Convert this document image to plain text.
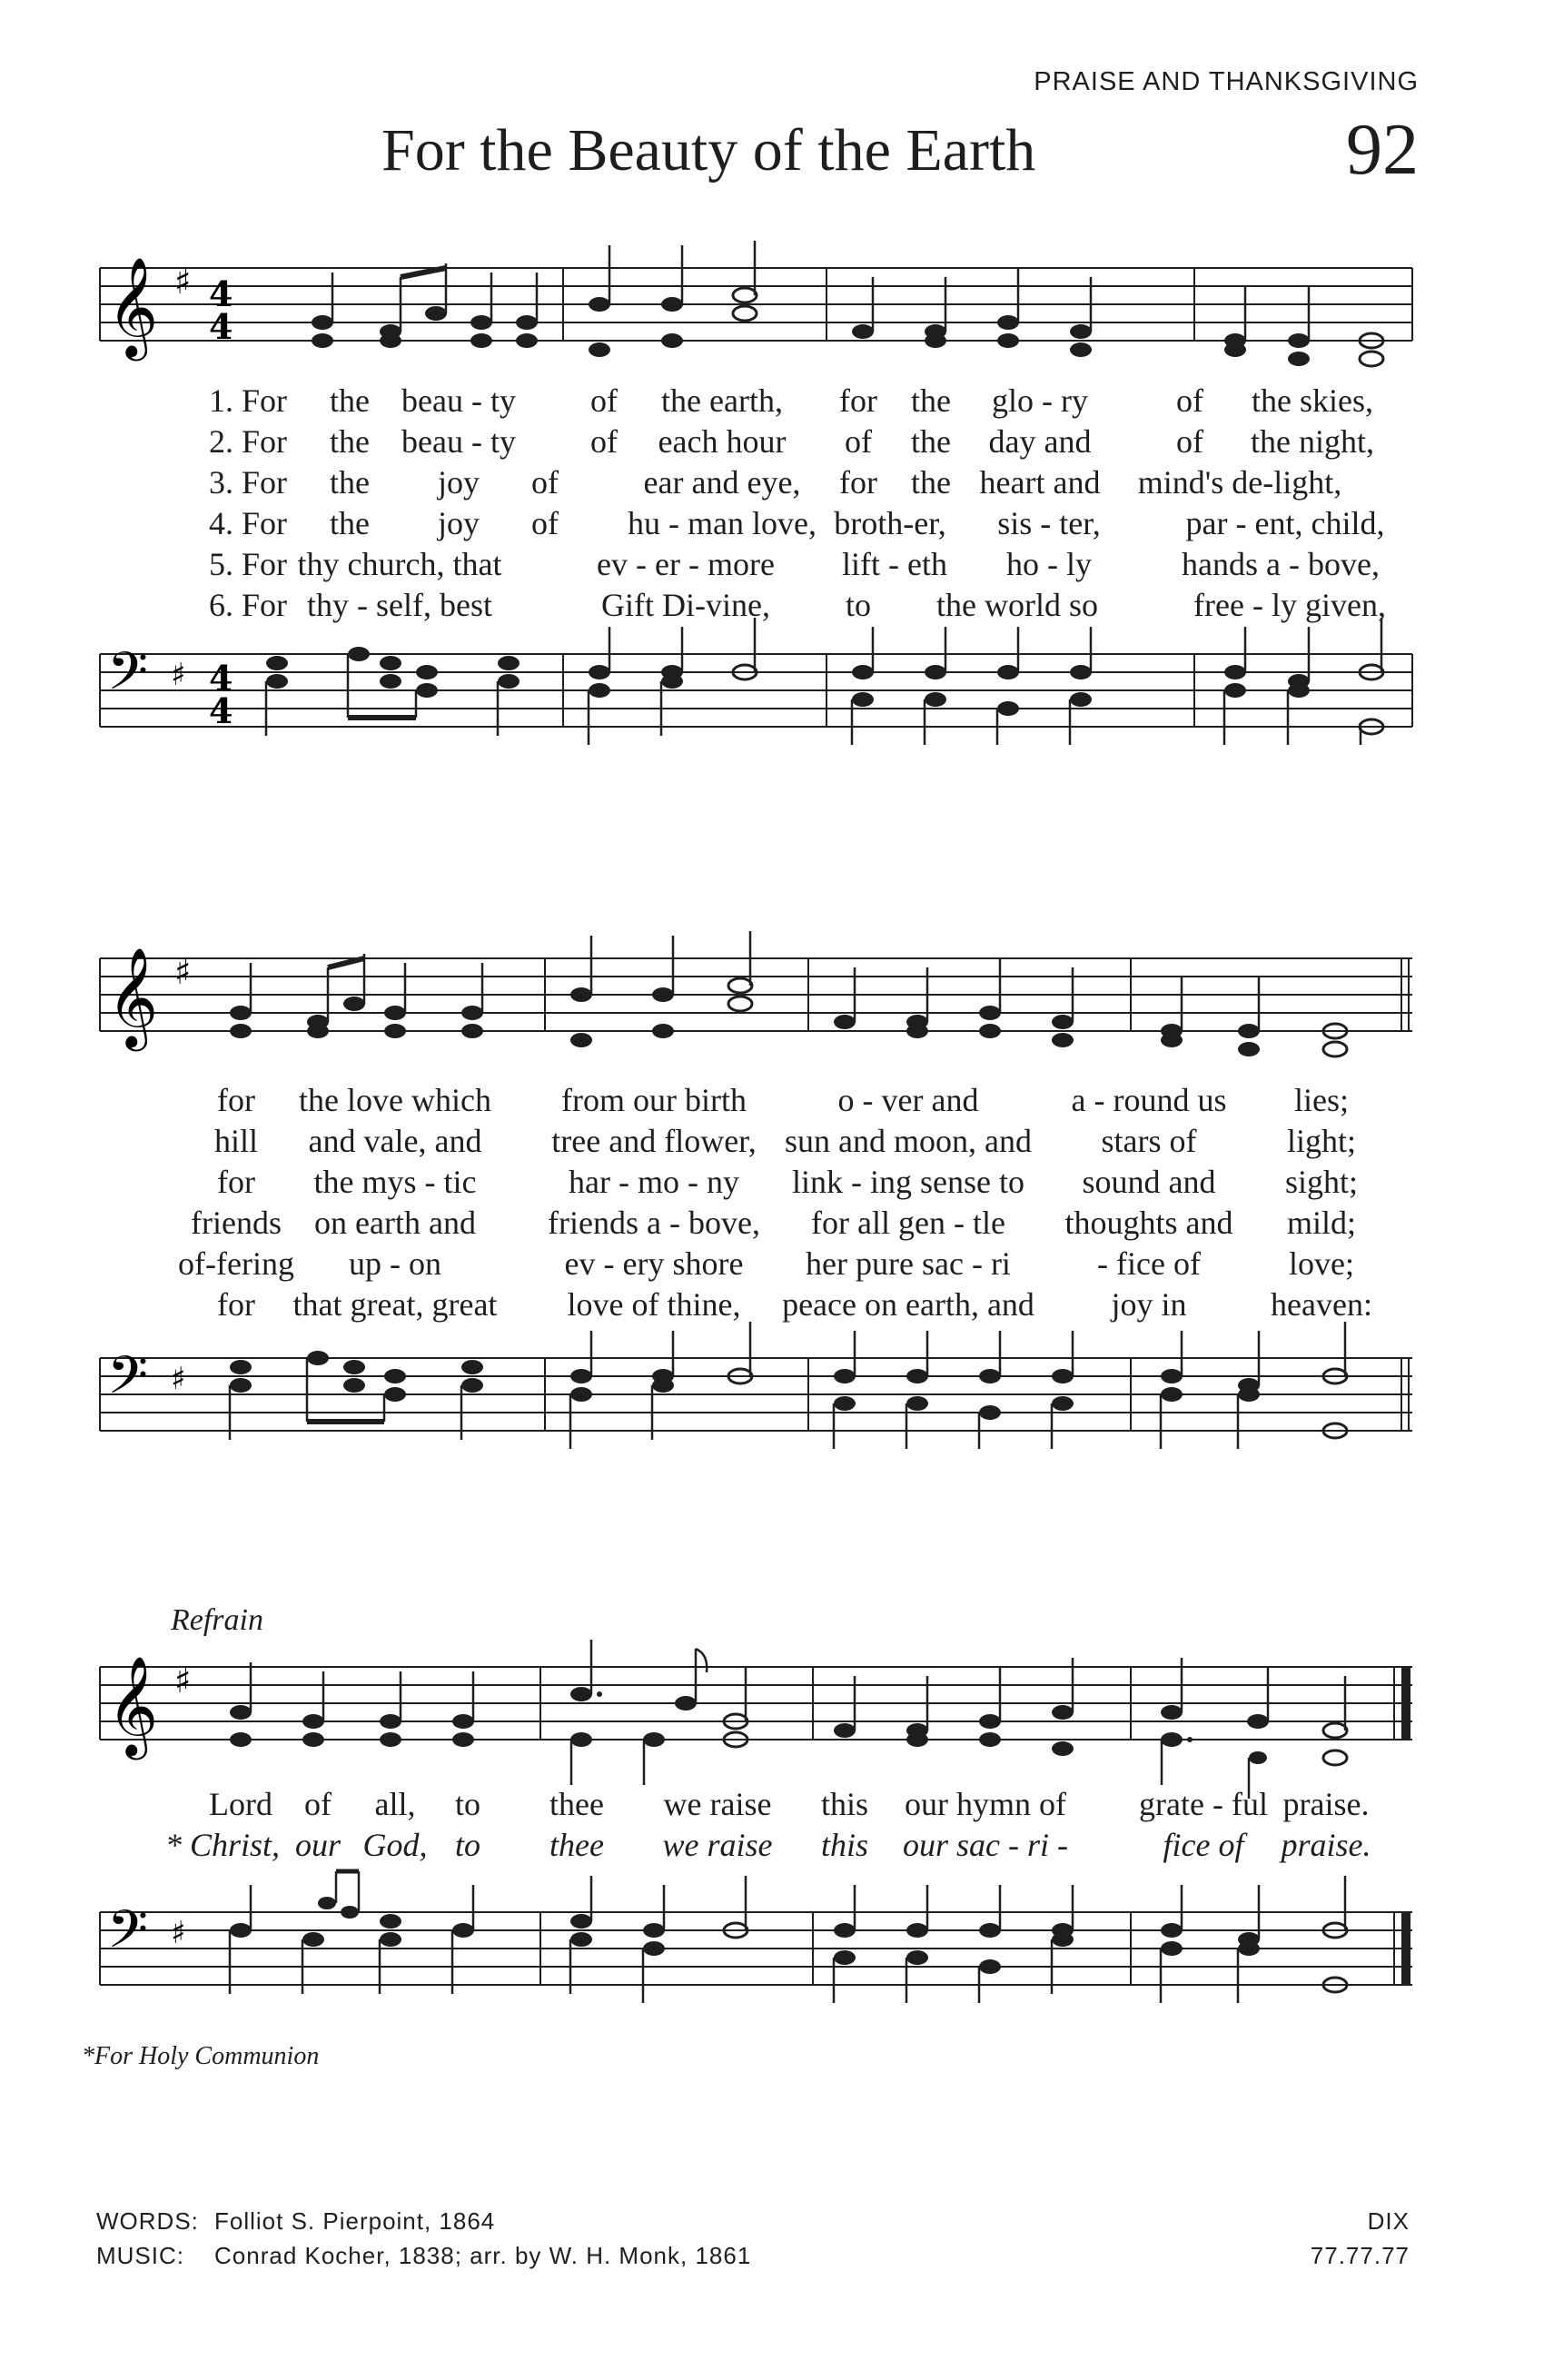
PRAISE AND THANKSGIVING
For the Beauty of the Earth	92
𝄞 ♯ 4
4
1. For the beau - ty of the earth, for the glo - ry	of the skies,
2. For the beau - ty of each hour of the day and	of the night,
3. For the joy of	ear and eye, for the heart and mind's de-light,
4. For the joy of hu - man love, broth-er, sis - ter,	par - ent, child,
5. For thy church, that	ev - er - more lift - eth ho - ly	hands a - bove,
6. For thy - self, best	Gift Di-vine, to the world so	free - ly given,
𝄢 ♯ 4
4
𝄞 ♯
for the love which from our birth	o - ver and	a - round us lies;
hill and vale, and tree and flower, sun and moon, and stars of	light;
for the mys - tic	har - mo - ny link - ing sense to sound and sight;
friends on earth and friends a - bove, for all gen - tle thoughts and mild;
of-fering up - on	ev - ery shore her pure sac - ri	- fice of	love;
for that great, great love of thine, peace on earth, and joy in	heaven:
𝄢 ♯
Refrain
𝄞 ♯
Lord of all, to thee we raise this our hymn of grate - ful praise.
* Christ, our God, to thee we raise this our sac - ri -	fice of praise.
𝄢 ♯
*For Holy Communion
WORDS: Folliot S. Pierpoint, 1864
MUSIC: Conrad Kocher, 1838; arr. by W. H. Monk, 1861
DIX
77.77.77
